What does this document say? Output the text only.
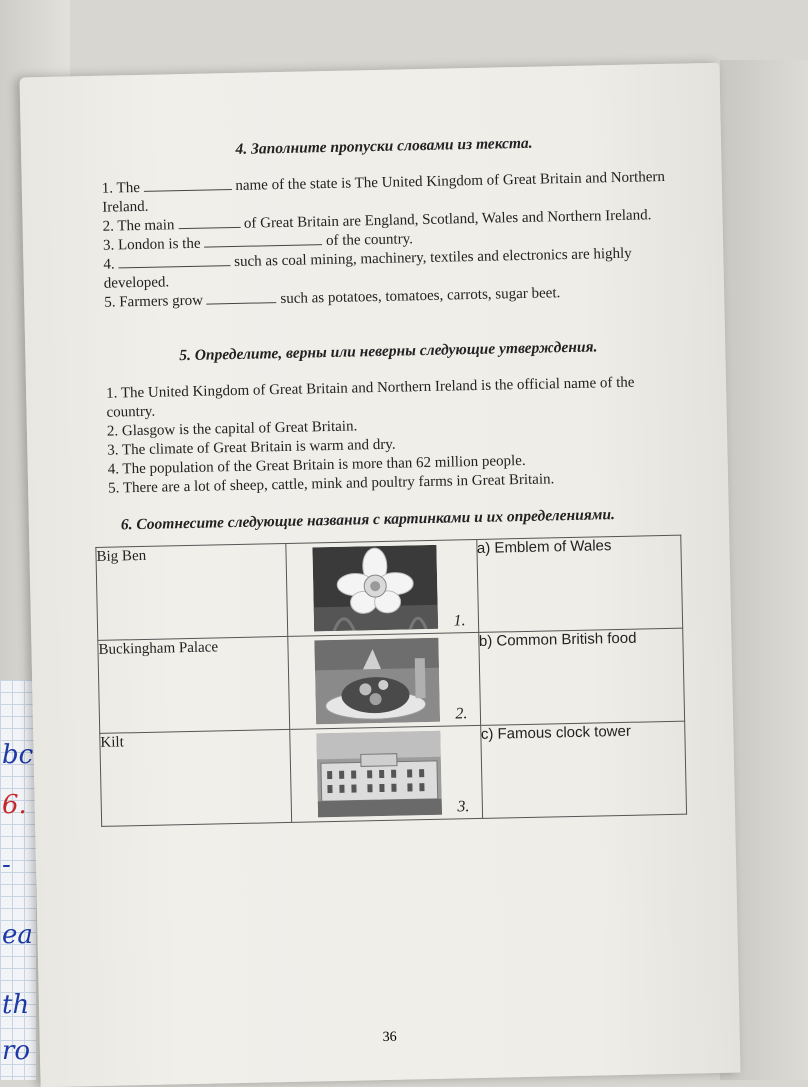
bc
6.
-
ea
th
ro

4. Заполните пропуски словами из текста.

1. The	name of the state is The United Kingdom of Great Britain and Northern Ireland.

2. The main	of Great Britain are England, Scotland, Wales and Northern Ireland.

3. London is the	of the country.

4.	such as coal mining, machinery, textiles and electronics are highly developed.

5. Farmers grow	such as potatoes, tomatoes, carrots, sugar beet.

5. Определите, верны или неверны следующие утверждения.

1. The United Kingdom of Great Britain and Northern Ireland is the official name of the country.

2. Glasgow is the capital of Great Britain.

3. The climate of Great Britain is warm and dry.

4. The population of the Great Britain is more than 62 million people.

5. There are a lot of sheep, cattle, mink and poultry farms in Great Britain.

6. Соотнесите следующие названия с картинками и их определениями.

Big Ben	1.	a) Emblem of Wales
Buckingham Palace	2.	b) Common British food
Kilt	3.	c) Famous clock tower
36
